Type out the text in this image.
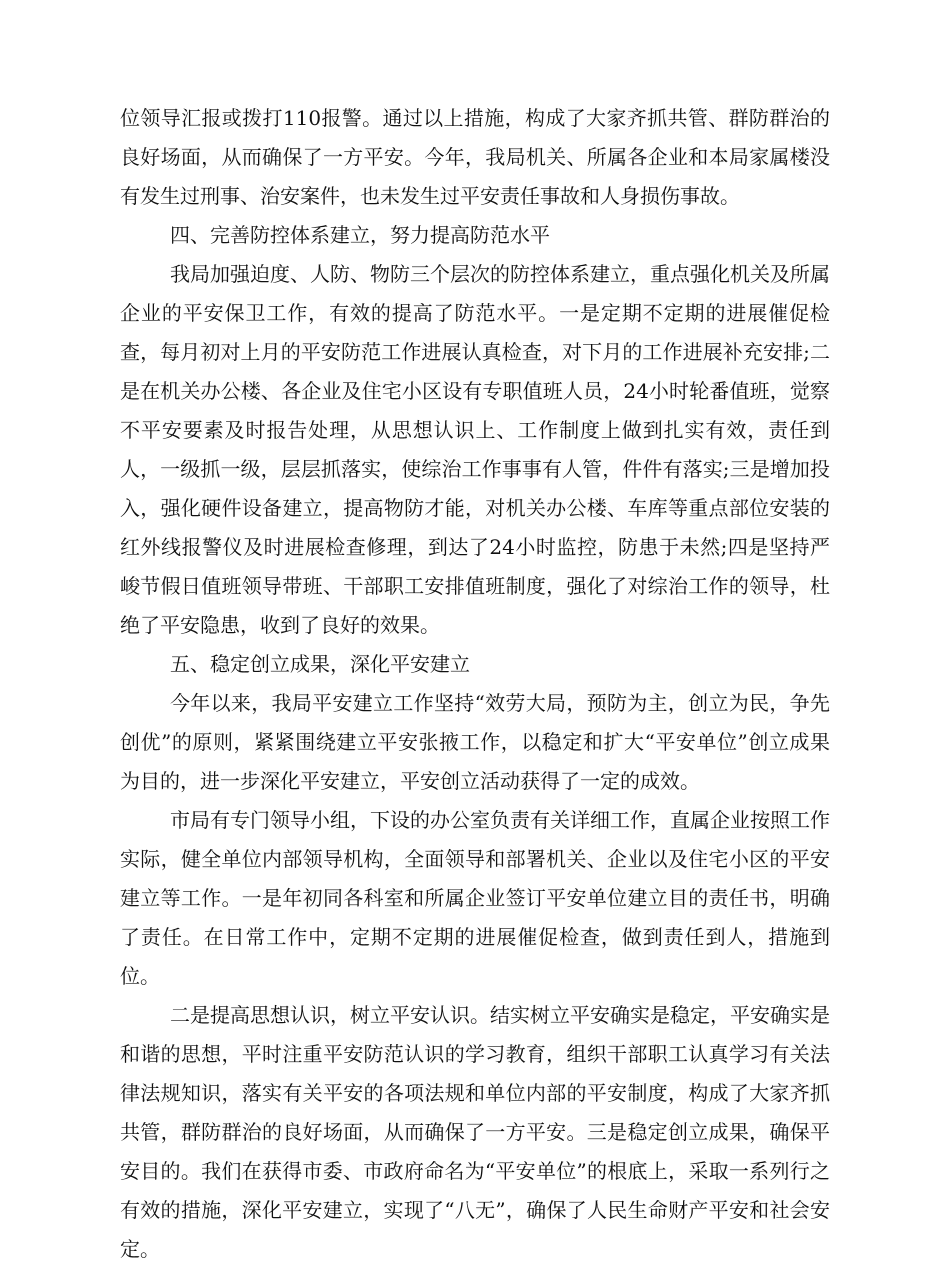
位领导汇报或拨打110报警。通过以上措施，构成了大家齐抓共管、群防群治的良好场面，从而确保了一方平安。今年，我局机关、所属各企业和本局家属楼没有发生过刑事、治安案件，也未发生过平安责任事故和人身损伤事故。

四、完善防控体系建立，努力提高防范水平

我局加强迫度、人防、物防三个层次的防控体系建立，重点强化机关及所属企业的平安保卫工作，有效的提高了防范水平。一是定期不定期的进展催促检查，每月初对上月的平安防范工作进展认真检查，对下月的工作进展补充安排;二是在机关办公楼、各企业及住宅小区设有专职值班人员，24小时轮番值班，觉察不平安要素及时报告处理，从思想认识上、工作制度上做到扎实有效，责任到人，一级抓一级，层层抓落实，使综治工作事事有人管，件件有落实;三是增加投入，强化硬件设备建立，提高物防才能，对机关办公楼、车库等重点部位安装的红外线报警仪及时进展检查修理，到达了24小时监控，防患于未然;四是坚持严峻节假日值班领导带班、干部职工安排值班制度，强化了对综治工作的领导，杜绝了平安隐患，收到了良好的效果。

五、稳定创立成果，深化平安建立

今年以来，我局平安建立工作坚持“效劳大局，预防为主，创立为民，争先创优”的原则，紧紧围绕建立平安张掖工作，以稳定和扩大“平安单位”创立成果为目的，进一步深化平安建立，平安创立活动获得了一定的成效。

市局有专门领导小组，下设的办公室负责有关详细工作，直属企业按照工作实际，健全单位内部领导机构，全面领导和部署机关、企业以及住宅小区的平安建立等工作。一是年初同各科室和所属企业签订平安单位建立目的责任书，明确了责任。在日常工作中，定期不定期的进展催促检查，做到责任到人，措施到位。

二是提高思想认识，树立平安认识。结实树立平安确实是稳定，平安确实是和谐的思想，平时注重平安防范认识的学习教育，组织干部职工认真学习有关法律法规知识，落实有关平安的各项法规和单位内部的平安制度，构成了大家齐抓共管，群防群治的良好场面，从而确保了一方平安。三是稳定创立成果，确保平安目的。我们在获得市委、市政府命名为“平安单位”的根底上，采取一系列行之有效的措施，深化平安建立，实现了“八无”，确保了人民生命财产平安和社会安定。
